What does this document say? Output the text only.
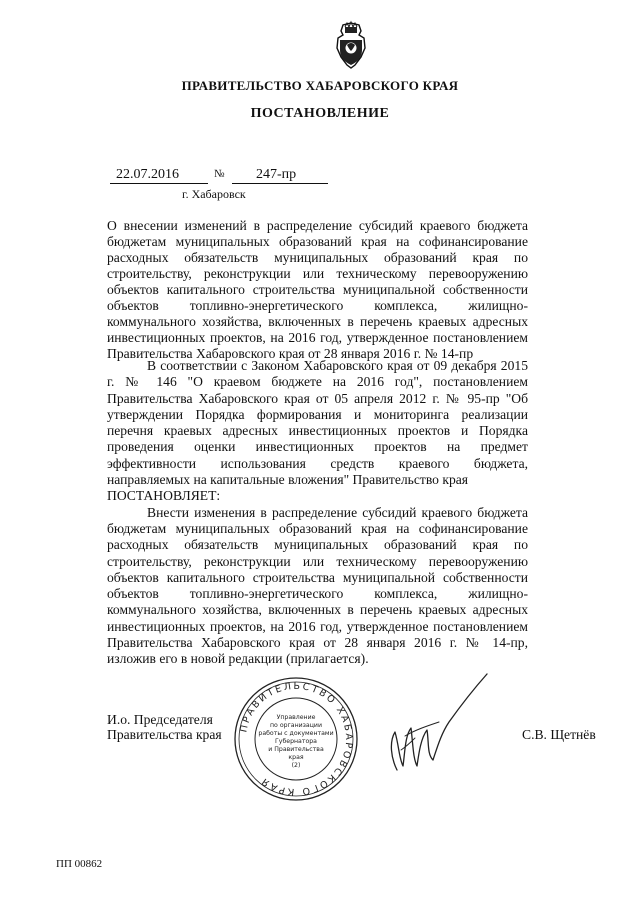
ПРАВИТЕЛЬСТВО ХАБАРОВСКОГО КРАЯ
ПОСТАНОВЛЕНИЕ
22.07.2016	№	247-пр
г. Хабаровск

О внесении изменений в распределение субсидий краевого бюджета бюджетам муниципальных образований края на софинансирование расходных обязательств муниципальных образований края по строительству, реконструкции или техническому перевооружению объектов капитального строительства муниципальной собственности объектов топливно-энергетического комплекса, жилищно-коммунального хозяйства, включенных в перечень краевых адресных инвестиционных проектов, на 2016 год, утвержденное постановлением Правительства Хабаровского края от 28 января 2016 г. № 14-пр

В соответствии с Законом Хабаровского края от 09 декабря 2015 г. № 146 "О краевом бюджете на 2016 год", постановлением Правительства Хабаровского края от 05 апреля 2012 г. № 95-пр "Об утверждении Порядка формирования и мониторинга реализации перечня краевых адресных инвестиционных проектов и Порядка проведения оценки инвестиционных проектов на предмет эффективности использования средств краевого бюджета, направляемых на капитальные вложения" Правительство края

ПОСТАНОВЛЯЕТ:

Внести изменения в распределение субсидий краевого бюджета бюджетам муниципальных образований края на софинансирование расходных обязательств муниципальных образований края по строительству, реконструкции или техническому перевооружению объектов капитального строительства муниципальной собственности объектов топливно-энергетического комплекса, жилищно-коммунального хозяйства, включенных в перечень краевых адресных инвестиционных проектов, на 2016 год, утвержденное постановлением Правительства Хабаровского края от 28 января 2016 г. № 14-пр, изложив его в новой редакции (прилагается).

И.о. Председателя
Правительства края ПРАВИТЕЛЬСТВО ХАБАРОВСКОГО КРАЯ
Управление
по организации
работы с документами
Губернатора
и Правительства
края
(2)
С.В. Щетнёв
ПП 00862
